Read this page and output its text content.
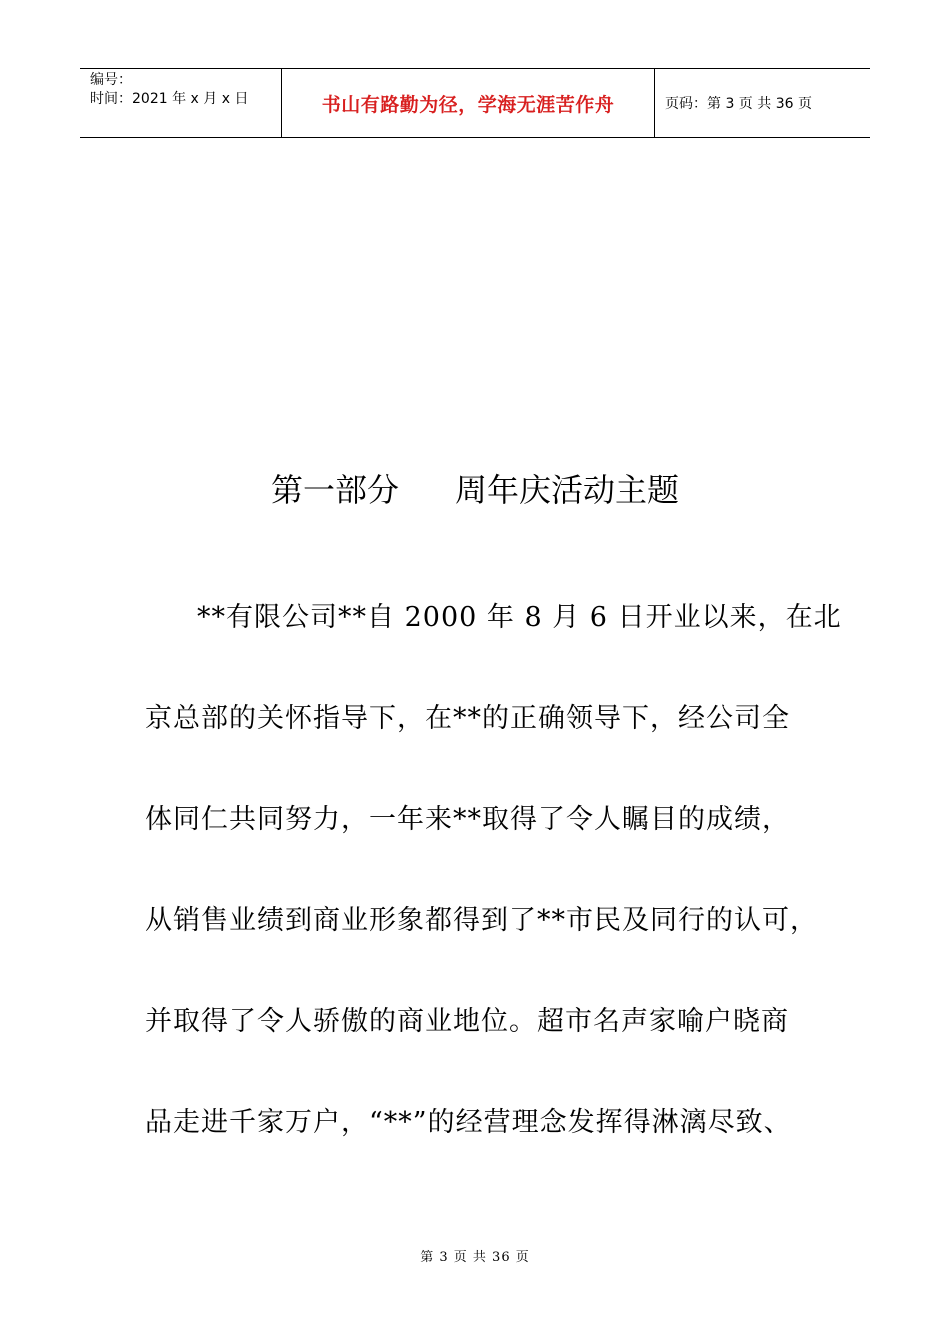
编号：
时间：2021 年 x 月 x 日	书山有路勤为径，学海无涯苦作舟	页码：第 3 页 共 36 页
第一部分 周年庆活动主题
**有限公司**自 2000 年 8 月 6 日开业以来，在北
京总部的关怀指导下，在**的正确领导下，经公司全
体同仁共同努力，一年来**取得了令人瞩目的成绩，
从销售业绩到商业形象都得到了**市民及同行的认可，
并取得了令人骄傲的商业地位。超市名声家喻户晓商
品走进千家万户，“**”的经营理念发挥得淋漓尽致、
第 3 页 共 36 页
